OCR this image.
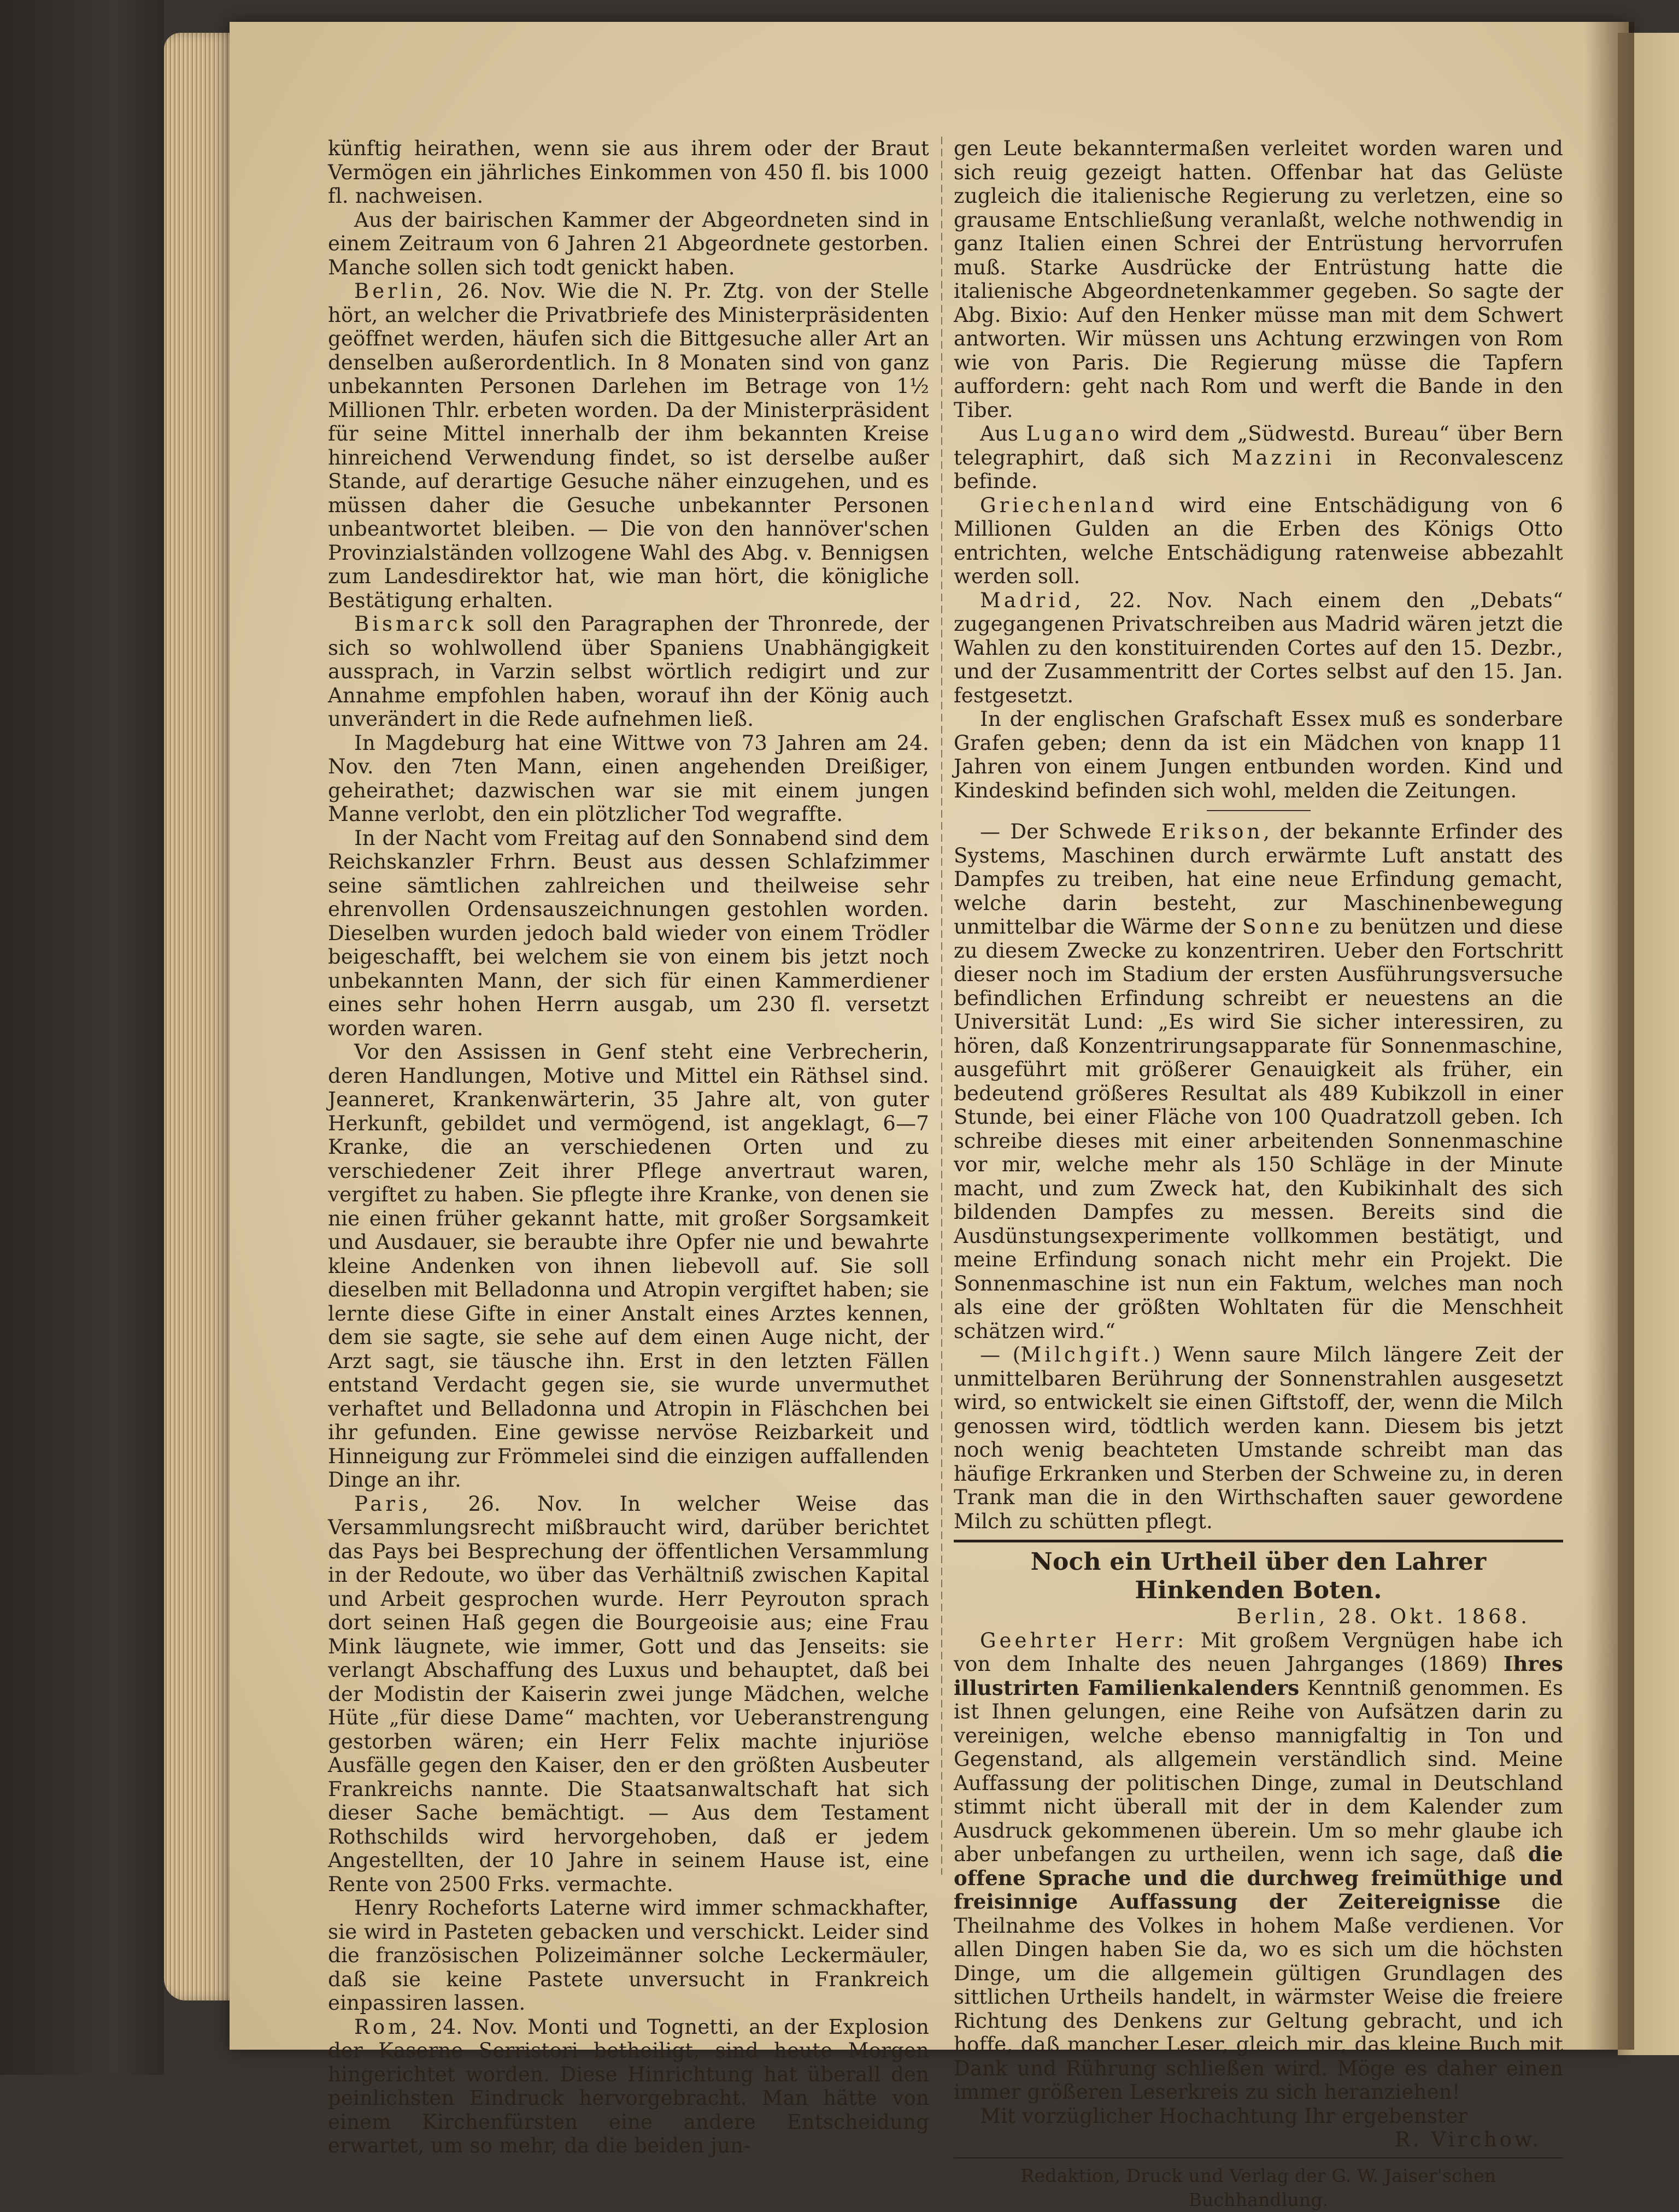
künftig heirathen, wenn sie aus ihrem oder der Braut Vermögen ein jährliches Einkommen von 450 fl. bis 1000 fl. nachweisen.

Aus der bairischen Kammer der Abgeordneten sind in einem Zeitraum von 6 Jahren 21 Abgeordnete gestorben. Manche sollen sich todt genickt haben.

Berlin, 26. Nov. Wie die N. Pr. Ztg. von der Stelle hört, an welcher die Privatbriefe des Ministerpräsidenten geöffnet werden, häufen sich die Bittgesuche aller Art an denselben außerordentlich. In 8 Monaten sind von ganz unbekannten Personen Darlehen im Betrage von 1½ Millionen Thlr. erbeten worden. Da der Ministerpräsident für seine Mittel innerhalb der ihm bekannten Kreise hinreichend Verwendung findet, so ist derselbe außer Stande, auf derartige Gesuche näher einzugehen, und es müssen daher die Gesuche unbekannter Personen unbeantwortet bleiben. — Die von den hannöver'schen Provinzialständen vollzogene Wahl des Abg. v. Bennigsen zum Landesdirektor hat, wie man hört, die königliche Bestätigung erhalten.

Bismarck soll den Paragraphen der Thronrede, der sich so wohlwollend über Spaniens Unabhängigkeit aussprach, in Varzin selbst wörtlich redigirt und zur Annahme empfohlen haben, worauf ihn der König auch unverändert in die Rede aufnehmen ließ.

In Magdeburg hat eine Wittwe von 73 Jahren am 24. Nov. den 7ten Mann, einen angehenden Dreißiger, geheirathet; dazwischen war sie mit einem jungen Manne verlobt, den ein plötzlicher Tod wegraffte.

In der Nacht vom Freitag auf den Sonnabend sind dem Reichskanzler Frhrn. Beust aus dessen Schlafzimmer seine sämtlichen zahlreichen und theilweise sehr ehrenvollen Ordensauszeichnungen gestohlen worden. Dieselben wurden jedoch bald wieder von einem Trödler beigeschafft, bei welchem sie von einem bis jetzt noch unbekannten Mann, der sich für einen Kammerdiener eines sehr hohen Herrn ausgab, um 230 fl. versetzt worden waren.

Vor den Assissen in Genf steht eine Verbrecherin, deren Handlungen, Motive und Mittel ein Räthsel sind. Jeanneret, Krankenwärterin, 35 Jahre alt, von guter Herkunft, gebildet und vermögend, ist angeklagt, 6—7 Kranke, die an verschiedenen Orten und zu verschiedener Zeit ihrer Pflege anvertraut waren, vergiftet zu haben. Sie pflegte ihre Kranke, von denen sie nie einen früher gekannt hatte, mit großer Sorgsamkeit und Ausdauer, sie beraubte ihre Opfer nie und bewahrte kleine Andenken von ihnen liebevoll auf. Sie soll dieselben mit Belladonna und Atropin vergiftet haben; sie lernte diese Gifte in einer Anstalt eines Arztes kennen, dem sie sagte, sie sehe auf dem einen Auge nicht, der Arzt sagt, sie täusche ihn. Erst in den letzten Fällen entstand Verdacht gegen sie, sie wurde unvermuthet verhaftet und Belladonna und Atropin in Fläschchen bei ihr gefunden. Eine gewisse nervöse Reizbarkeit und Hinneigung zur Frömmelei sind die einzigen auffallenden Dinge an ihr.

Paris, 26. Nov. In welcher Weise das Versammlungsrecht mißbraucht wird, darüber berichtet das Pays bei Besprechung der öffentlichen Versammlung in der Redoute, wo über das Verhältniß zwischen Kapital und Arbeit gesprochen wurde. Herr Peyrouton sprach dort seinen Haß gegen die Bourgeoisie aus; eine Frau Mink läugnete, wie immer, Gott und das Jenseits: sie verlangt Abschaffung des Luxus und behauptet, daß bei der Modistin der Kaiserin zwei junge Mädchen, welche Hüte „für diese Dame“ machten, vor Ueberanstrengung gestorben wären; ein Herr Felix machte injuriöse Ausfälle gegen den Kaiser, den er den größten Ausbeuter Frankreichs nannte. Die Staatsanwaltschaft hat sich dieser Sache bemächtigt. — Aus dem Testament Rothschilds wird hervorgehoben, daß er jedem Angestellten, der 10 Jahre in seinem Hause ist, eine Rente von 2500 Frks. vermachte.

Henry Rocheforts Laterne wird immer schmackhafter, sie wird in Pasteten gebacken und verschickt. Leider sind die französischen Polizeimänner solche Leckermäuler, daß sie keine Pastete unversucht in Frankreich einpassiren lassen.

Rom, 24. Nov. Monti und Tognetti, an der Explosion der Kaserne Serristori betheiligt, sind heute Morgen hingerichtet worden. Diese Hinrichtung hat überall den peinlichsten Eindruck hervorgebracht. Man hätte von einem Kirchenfürsten eine andere Entscheidung erwartet, um so mehr, da die beiden jun-

gen Leute bekanntermaßen verleitet worden waren und sich reuig gezeigt hatten. Offenbar hat das Gelüste zugleich die italienische Regierung zu verletzen, eine so grausame Entschließung veranlaßt, welche nothwendig in ganz Italien einen Schrei der Entrüstung hervorrufen muß. Starke Ausdrücke der Entrüstung hatte die italienische Abgeordnetenkammer gegeben. So sagte der Abg. Bixio: Auf den Henker müsse man mit dem Schwert antworten. Wir müssen uns Achtung erzwingen von Rom wie von Paris. Die Regierung müsse die Tapfern auffordern: geht nach Rom und werft die Bande in den Tiber.

Aus Lugano wird dem „Südwestd. Bureau“ über Bern telegraphirt, daß sich Mazzini in Reconvalescenz befinde.

Griechenland wird eine Entschädigung von 6 Millionen Gulden an die Erben des Königs Otto entrichten, welche Entschädigung ratenweise abbezahlt werden soll.

Madrid, 22. Nov. Nach einem den „Debats“ zugegangenen Privatschreiben aus Madrid wären jetzt die Wahlen zu den konstituirenden Cortes auf den 15. Dezbr., und der Zusammentritt der Cortes selbst auf den 15. Jan. festgesetzt.

In der englischen Grafschaft Essex muß es sonderbare Grafen geben; denn da ist ein Mädchen von knapp 11 Jahren von einem Jungen entbunden worden. Kind und Kindeskind befinden sich wohl, melden die Zeitungen.

— Der Schwede Erikson, der bekannte Erfinder des Systems, Maschinen durch erwärmte Luft anstatt des Dampfes zu treiben, hat eine neue Erfindung gemacht, welche darin besteht, zur Maschinenbewegung unmittelbar die Wärme der Sonne zu benützen und diese zu diesem Zwecke zu konzentriren. Ueber den Fortschritt dieser noch im Stadium der ersten Ausführungsversuche befindlichen Erfindung schreibt er neuestens an die Universität Lund: „Es wird Sie sicher interessiren, zu hören, daß Konzentrirungsapparate für Sonnenmaschine, ausgeführt mit größerer Genauigkeit als früher, ein bedeutend größeres Resultat als 489 Kubikzoll in einer Stunde, bei einer Fläche von 100 Quadratzoll geben. Ich schreibe dieses mit einer arbeitenden Sonnenmaschine vor mir, welche mehr als 150 Schläge in der Minute macht, und zum Zweck hat, den Kubikinhalt des sich bildenden Dampfes zu messen. Bereits sind die Ausdünstungsexperimente vollkommen bestätigt, und meine Erfindung sonach nicht mehr ein Projekt. Die Sonnenmaschine ist nun ein Faktum, welches man noch als eine der größten Wohltaten für die Menschheit schätzen wird.“

— (Milchgift.) Wenn saure Milch längere Zeit der unmittelbaren Berührung der Sonnenstrahlen ausgesetzt wird, so entwickelt sie einen Giftstoff, der, wenn die Milch genossen wird, tödtlich werden kann. Diesem bis jetzt noch wenig beachteten Umstande schreibt man das häufige Erkranken und Sterben der Schweine zu, in deren Trank man die in den Wirthschaften sauer gewordene Milch zu schütten pflegt.

Noch ein Urtheil über den Lahrer Hinkenden Boten.
Berlin, 28. Okt. 1868.

Geehrter Herr: Mit großem Vergnügen habe ich von dem Inhalte des neuen Jahrganges (1869) Ihres illustrirten Familienkalenders Kenntniß genommen. Es ist Ihnen gelungen, eine Reihe von Aufsätzen darin zu vereinigen, welche ebenso mannigfaltig in Ton und Gegenstand, als allgemein verständlich sind. Meine Auffassung der politischen Dinge, zumal in Deutschland stimmt nicht überall mit der in dem Kalender zum Ausdruck gekommenen überein. Um so mehr glaube ich aber unbefangen zu urtheilen, wenn ich sage, daß die offene Sprache und die durchweg freimüthige und freisinnige Auffassung der Zeitereignisse die Theilnahme des Volkes in hohem Maße verdienen. Vor allen Dingen haben Sie da, wo es sich um die höchsten Dinge, um die allgemein gültigen Grundlagen des sittlichen Urtheils handelt, in wärmster Weise die freiere Richtung des Denkens zur Geltung gebracht, und ich hoffe, daß mancher Leser, gleich mir, das kleine Buch mit Dank und Rührung schließen wird. Möge es daher einen immer größeren Leserkreis zu sich heranziehen!

Mit vorzüglicher Hochachtung Ihr ergebenster

R. Virchow.
Redaktion, Druck und Verlag der G. W. Jaiser'schen Buchhandlung.
